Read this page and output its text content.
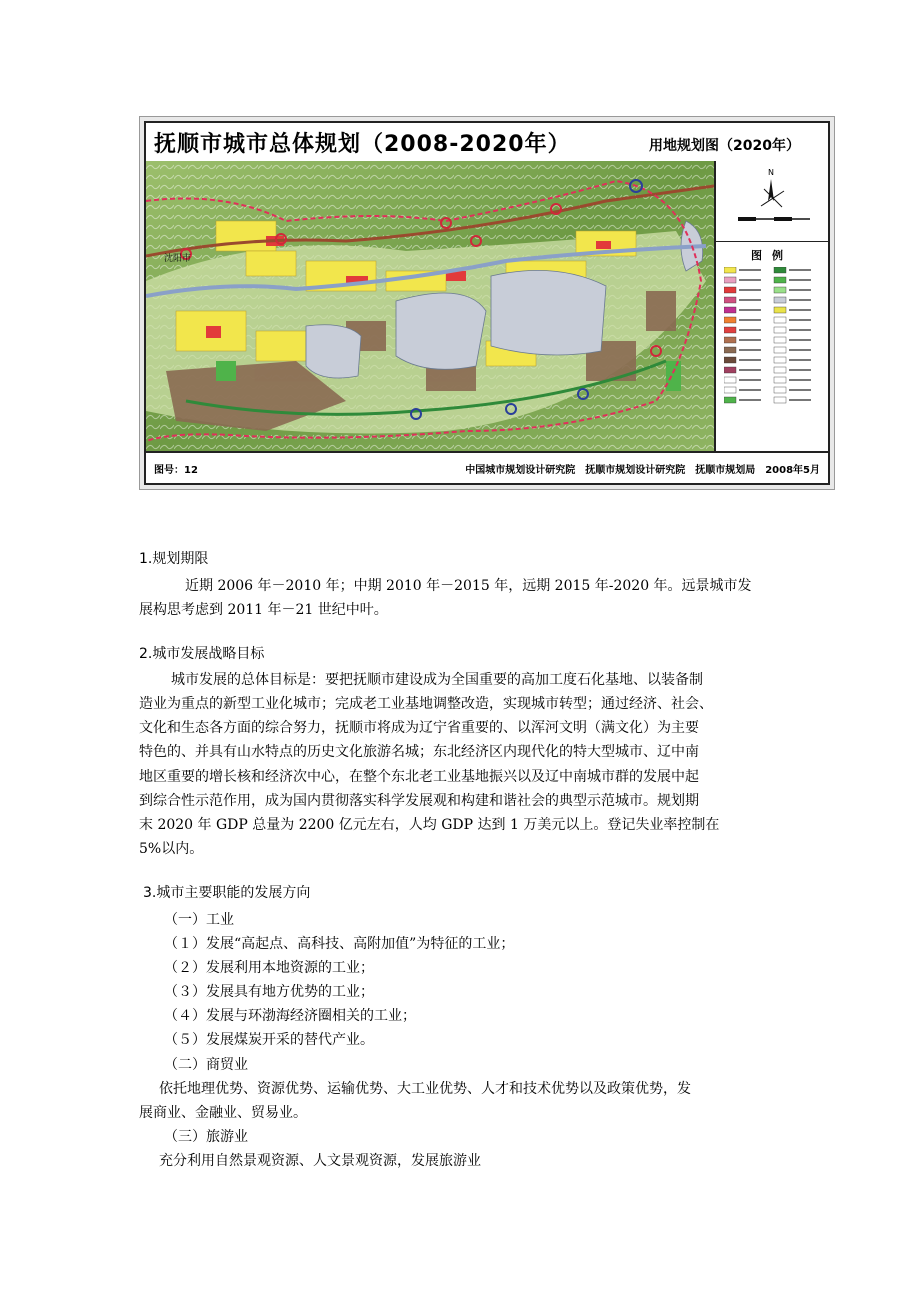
抚顺市城市总体规划（2008-2020年）	用地规划图（2020年）
沈阳市
N
图例
图号：12	中国城市规划设计研究院　抚顺市规划设计研究院　抚顺市规划局　2008年5月
1.规划期限
近期 2006 年－2010 年；中期 2010 年－2015 年，远期 2015 年-2020 年。远景城市发
展构思考虑到 2011 年－21 世纪中叶。
2.城市发展战略目标
城市发展的总体目标是：要把抚顺市建设成为全国重要的高加工度石化基地、以装备制
造业为重点的新型工业化城市；完成老工业基地调整改造，实现城市转型；通过经济、社会、
文化和生态各方面的综合努力，抚顺市将成为辽宁省重要的、以浑河文明（满文化）为主要
特色的、并具有山水特点的历史文化旅游名城；东北经济区内现代化的特大型城市、辽中南
地区重要的增长核和经济次中心，在整个东北老工业基地振兴以及辽中南城市群的发展中起
到综合性示范作用，成为国内贯彻落实科学发展观和构建和谐社会的典型示范城市。规划期
末 2020 年 GDP 总量为 2200 亿元左右，人均 GDP 达到 1 万美元以上。登记失业率控制在
5%以内。
3.城市主要职能的发展方向
（一）工业
（１）发展“高起点、高科技、高附加值”为特征的工业；
（２）发展利用本地资源的工业；
（３）发展具有地方优势的工业；
（４）发展与环渤海经济圈相关的工业；
（５）发展煤炭开采的替代产业。
（二）商贸业
依托地理优势、资源优势、运输优势、大工业优势、人才和技术优势以及政策优势，发
展商业、金融业、贸易业。
（三）旅游业
充分利用自然景观资源、人文景观资源，发展旅游业
